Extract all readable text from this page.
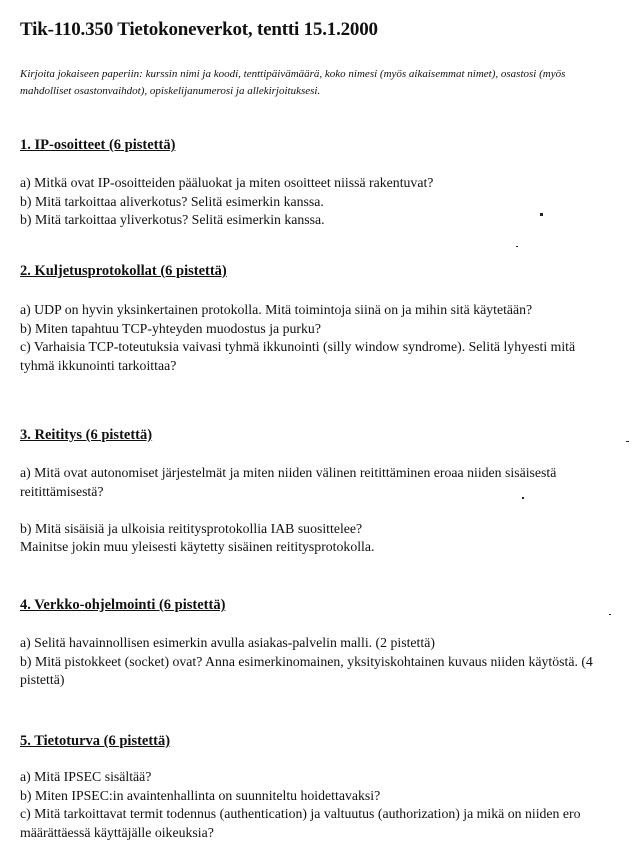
Tik-110.350 Tietokoneverkot, tentti 15.1.2000
Kirjoita jokaiseen paperiin: kurssin nimi ja koodi, tenttipäivämäärä, koko nimesi (myös aikaisemmat nimet), osastosi (myös mahdolliset osastonvaihdot), opiskelijanumerosi ja allekirjoituksesi.

1. IP-osoitteet (6 pistettä)

a) Mitkä ovat IP-osoitteiden pääluokat ja miten osoitteet niissä rakentuvat?

b) Mitä tarkoittaa aliverkotus? Selitä esimerkin kanssa.

b) Mitä tarkoittaa yliverkotus? Selitä esimerkin kanssa.

2. Kuljetusprotokollat (6 pistettä)

a) UDP on hyvin yksinkertainen protokolla. Mitä toimintoja siinä on ja mihin sitä käytetään?

b) Miten tapahtuu TCP-yhteyden muodostus ja purku?

c) Varhaisia TCP-toteutuksia vaivasi tyhmä ikkunointi (silly window syndrome). Selitä lyhyesti mitä tyhmä ikkunointi tarkoittaa?

3. Reititys (6 pistettä)

a) Mitä ovat autonomiset järjestelmät ja miten niiden välinen reitittäminen eroaa niiden sisäisestä reitittämisestä?

b) Mitä sisäisiä ja ulkoisia reititysprotokollia IAB suosittelee?

Mainitse jokin muu yleisesti käytetty sisäinen reititysprotokolla.

4. Verkko-ohjelmointi (6 pistettä)

a) Selitä havainnollisen esimerkin avulla asiakas-palvelin malli. (2 pistettä)

b) Mitä pistokkeet (socket) ovat? Anna esimerkinomainen, yksityiskohtainen kuvaus niiden käytöstä. (4 pistettä)

5. Tietoturva (6 pistettä)

a) Mitä IPSEC sisältää?

b) Miten IPSEC:in avaintenhallinta on suunniteltu hoidettavaksi?

c) Mitä tarkoittavat termit todennus (authentication) ja valtuutus (authorization) ja mikä on niiden ero määrättäessä käyttäjälle oikeuksia?
